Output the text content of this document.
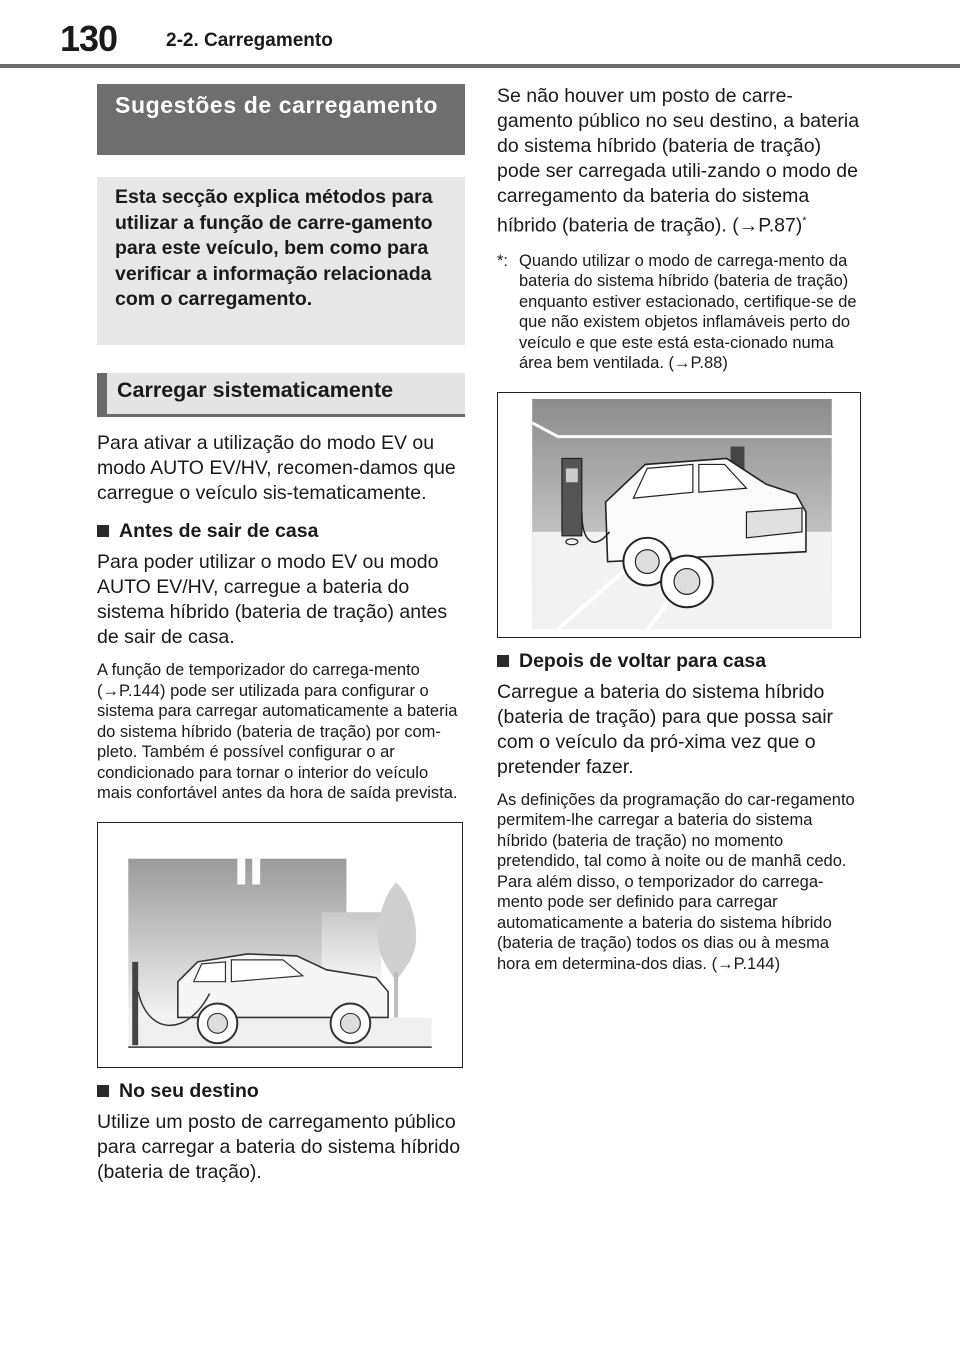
130	2-2. Carregamento
Sugestões de carregamento
Esta secção explica métodos para utilizar a função de carre-gamento para este veículo, bem como para verificar a informação relacionada com o carregamento.
Carregar sistematicamente
Para ativar a utilização do modo EV ou modo AUTO EV/HV, recomen-damos que carregue o veículo sis-tematicamente.
Antes de sair de casa
Para poder utilizar o modo EV ou modo AUTO EV/HV, carregue a bateria do sistema híbrido (bateria de tração) antes de sair de casa.
A função de temporizador do carrega-mento (→P.144) pode ser utilizada para configurar o sistema para carregar automaticamente a bateria do sistema híbrido (bateria de tração) por com-pleto. Também é possível configurar o ar condicionado para tornar o interior do veículo mais confortável antes da hora de saída prevista.
No seu destino
Utilize um posto de carregamento público para carregar a bateria do sistema híbrido (bateria de tração).
Se não houver um posto de carre-gamento público no seu destino, a bateria do sistema híbrido (bateria de tração) pode ser carregada utili-zando o modo de carregamento da bateria do sistema híbrido (bateria de tração). (→P.87)*
*: Quando utilizar o modo de carrega-mento da bateria do sistema híbrido (bateria de tração) enquanto estiver estacionado, certifique-se de que não existem objetos inflamáveis perto do veículo e que este está esta-cionado numa área bem ventilada. (→P.88)
Depois de voltar para casa
Carregue a bateria do sistema híbrido (bateria de tração) para que possa sair com o veículo da pró-xima vez que o pretender fazer.
As definições da programação do car-regamento permitem-lhe carregar a bateria do sistema híbrido (bateria de tração) no momento pretendido, tal como à noite ou de manhã cedo. Para além disso, o temporizador do carrega-mento pode ser definido para carregar automaticamente a bateria do sistema híbrido (bateria de tração) todos os dias ou à mesma hora em determina-dos dias. (→P.144)
